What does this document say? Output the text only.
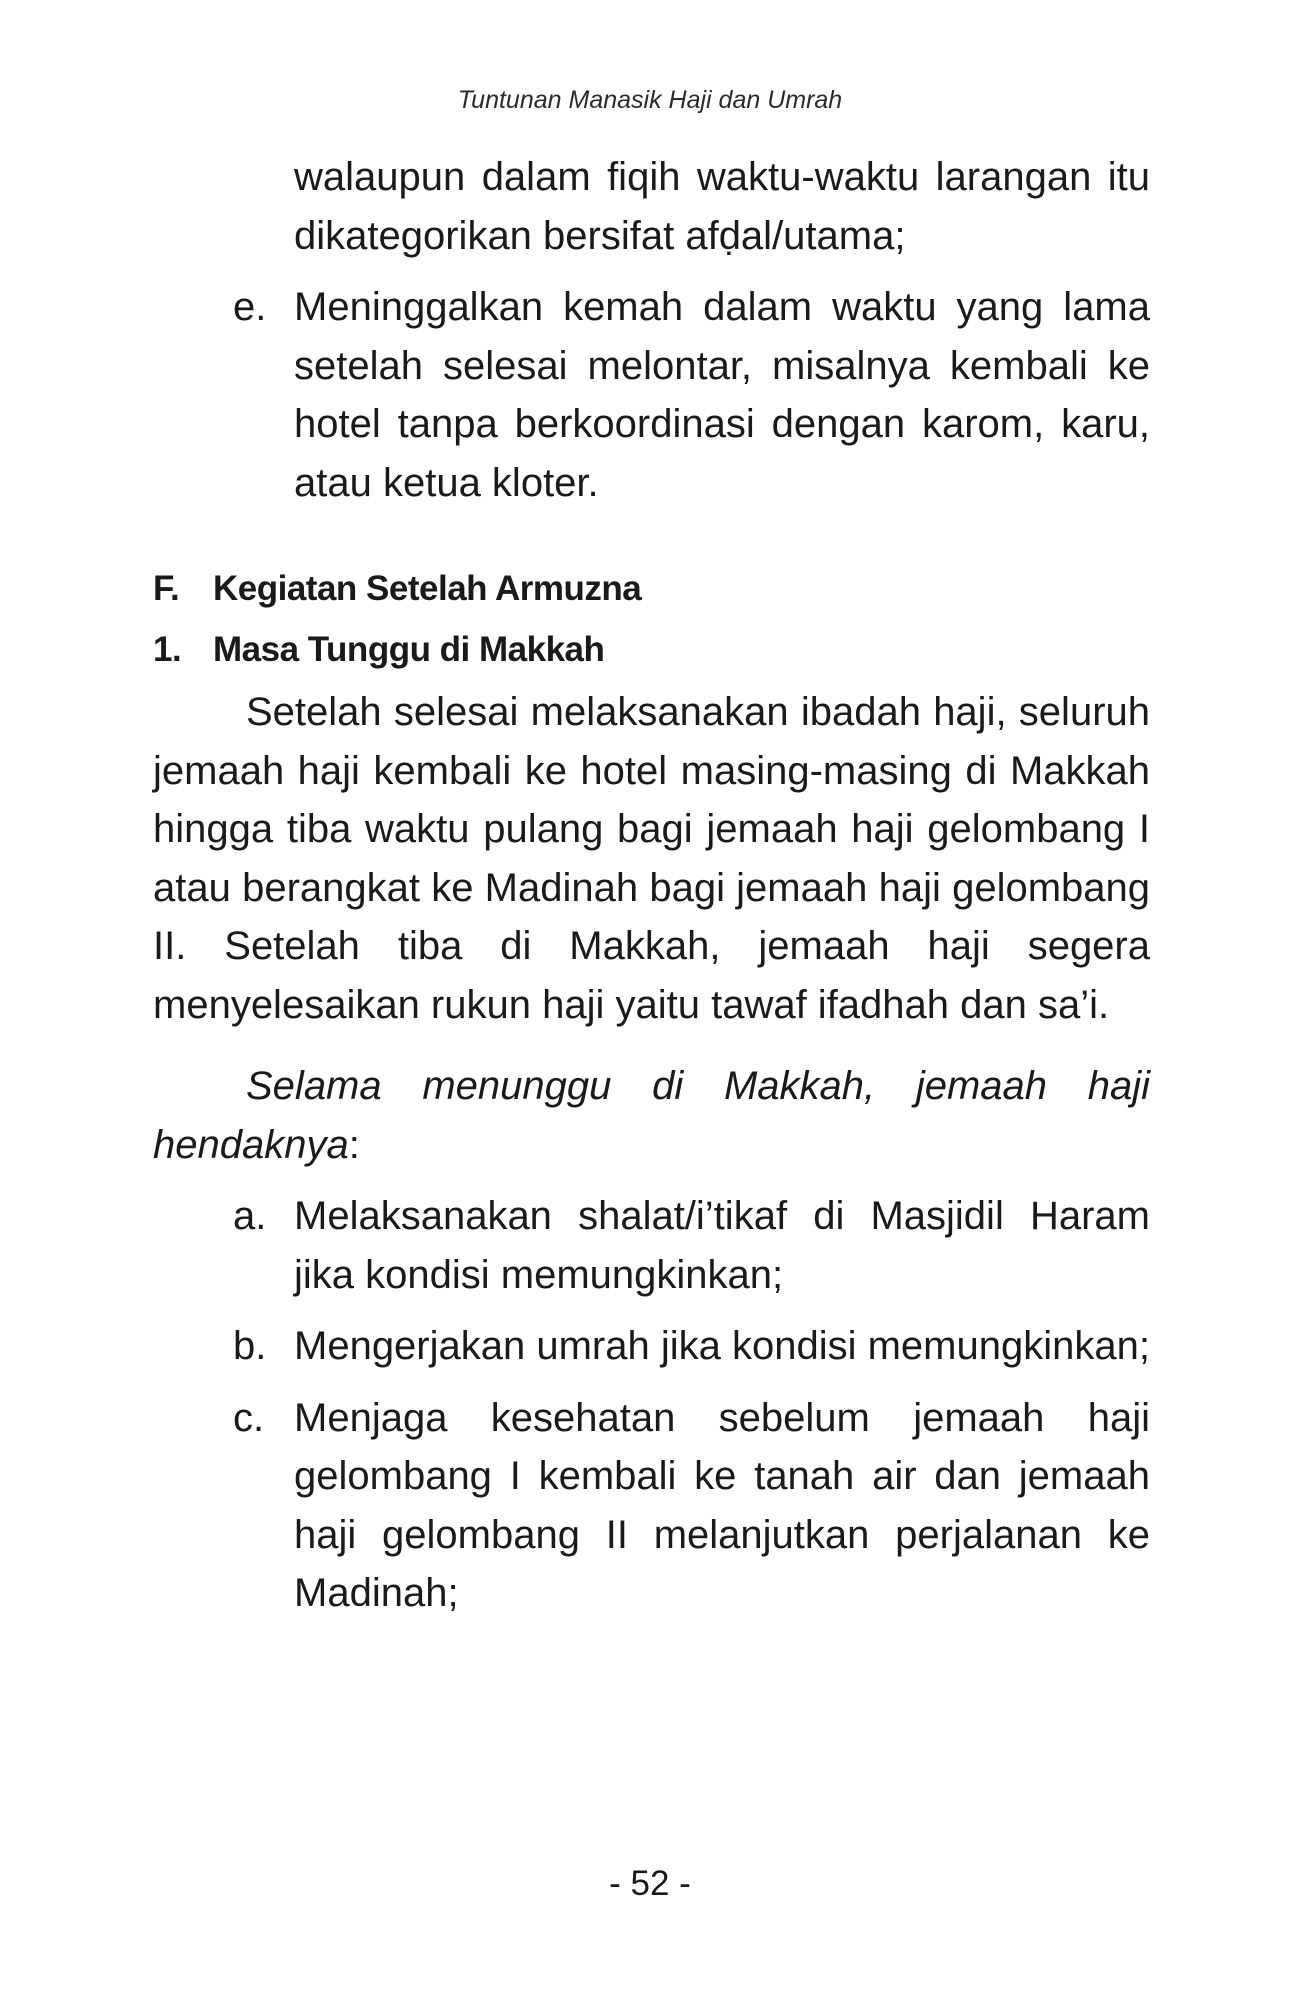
Tuntunan Manasik Haji dan Umrah

walaupun dalam fiqih waktu-waktu larangan itu dikategorikan bersifat afḍal/utama;

e. Meninggalkan kemah dalam waktu yang lama setelah selesai melontar, misalnya kembali ke hotel tanpa berkoordinasi dengan karom, karu, atau ketua kloter.
F. Kegiatan Setelah Armuzna
1. Masa Tunggu di Makkah

Setelah selesai melaksanakan ibadah haji, seluruh jemaah haji kembali ke hotel masing-masing di Makkah hingga tiba waktu pulang bagi jemaah haji gelombang I atau berangkat ke Madinah bagi jemaah haji gelombang II. Setelah tiba di Makkah, jemaah haji segera menyelesaikan rukun haji yaitu tawaf ifadhah dan sa’i.

Selama menunggu di Makkah, jemaah haji hendaknya:

a. Melaksanakan shalat/i’tikaf di Masjidil Haram jika kondisi memungkinkan;
b. Mengerjakan umrah jika kondisi memungkinkan;
c. Menjaga kesehatan sebelum jemaah haji gelombang I kembali ke tanah air dan jemaah haji gelombang II melanjutkan perjalanan ke Madinah;
- 52 -
